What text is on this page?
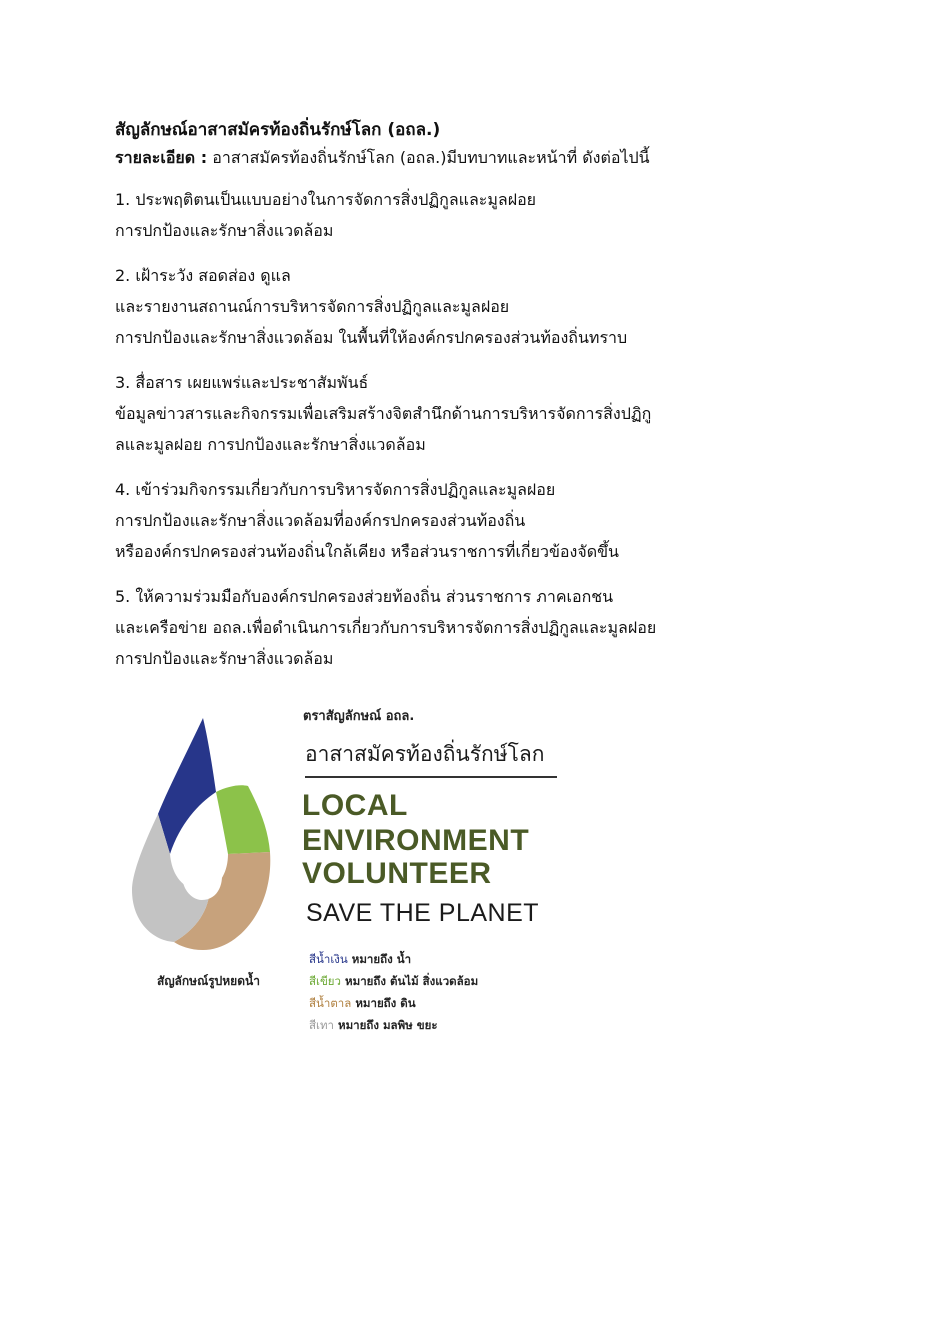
สัญลักษณ์อาสาสมัครท้องถิ่นรักษ์โลก (อถล.)

รายละเอียด : อาสาสมัครท้องถิ่นรักษ์โลก (อถล.)มีบทบาทและหน้าที่ ดังต่อไปนี้

1. ประพฤติตนเป็นแบบอย่างในการจัดการสิ่งปฏิกูลและมูลฝอย
การปกป้องและรักษาสิ่งแวดล้อม
2. เฝ้าระวัง สอดส่อง ดูแล
และรายงานสถานณ์การบริหารจัดการสิ่งปฏิกูลและมูลฝอย
การปกป้องและรักษาสิ่งแวดล้อม ในพื้นที่ให้องค์กรปกครองส่วนท้องถิ่นทราบ
3. สื่อสาร เผยแพร่และประชาสัมพันธ์
ข้อมูลข่าวสารและกิจกรรมเพื่อเสริมสร้างจิตสำนึกด้านการบริหารจัดการสิ่งปฏิกู
ลและมูลฝอย การปกป้องและรักษาสิ่งแวดล้อม
4. เข้าร่วมกิจกรรมเกี่ยวกับการบริหารจัดการสิ่งปฏิกูลและมูลฝอย
การปกป้องและรักษาสิ่งแวดล้อมที่องค์กรปกครองส่วนท้องถิ่น
หรือองค์กรปกครองส่วนท้องถิ่นใกล้เคียง หรือส่วนราชการที่เกี่ยวข้องจัดขึ้น
5. ให้ความร่วมมือกับองค์กรปกครองส่วยท้องถิ่น ส่วนราชการ ภาคเอกชน
และเครือข่าย อถล.เพื่อดำเนินการเกี่ยวกับการบริหารจัดการสิ่งปฏิกูลและมูลฝอย
การปกป้องและรักษาสิ่งแวดล้อม
สัญลักษณ์รูปหยดน้ำ
ตราสัญลักษณ์ อถล.
อาสาสมัครท้องถิ่นรักษ์โลก
LOCAL
ENVIRONMENT
VOLUNTEER
SAVE THE PLANET
สีน้ำเงิน หมายถึง น้ำ
สีเขียว หมายถึง ต้นไม้ สิ่งแวดล้อม
สีน้ำตาล หมายถึง ดิน
สีเทา หมายถึง มลพิษ ขยะ
